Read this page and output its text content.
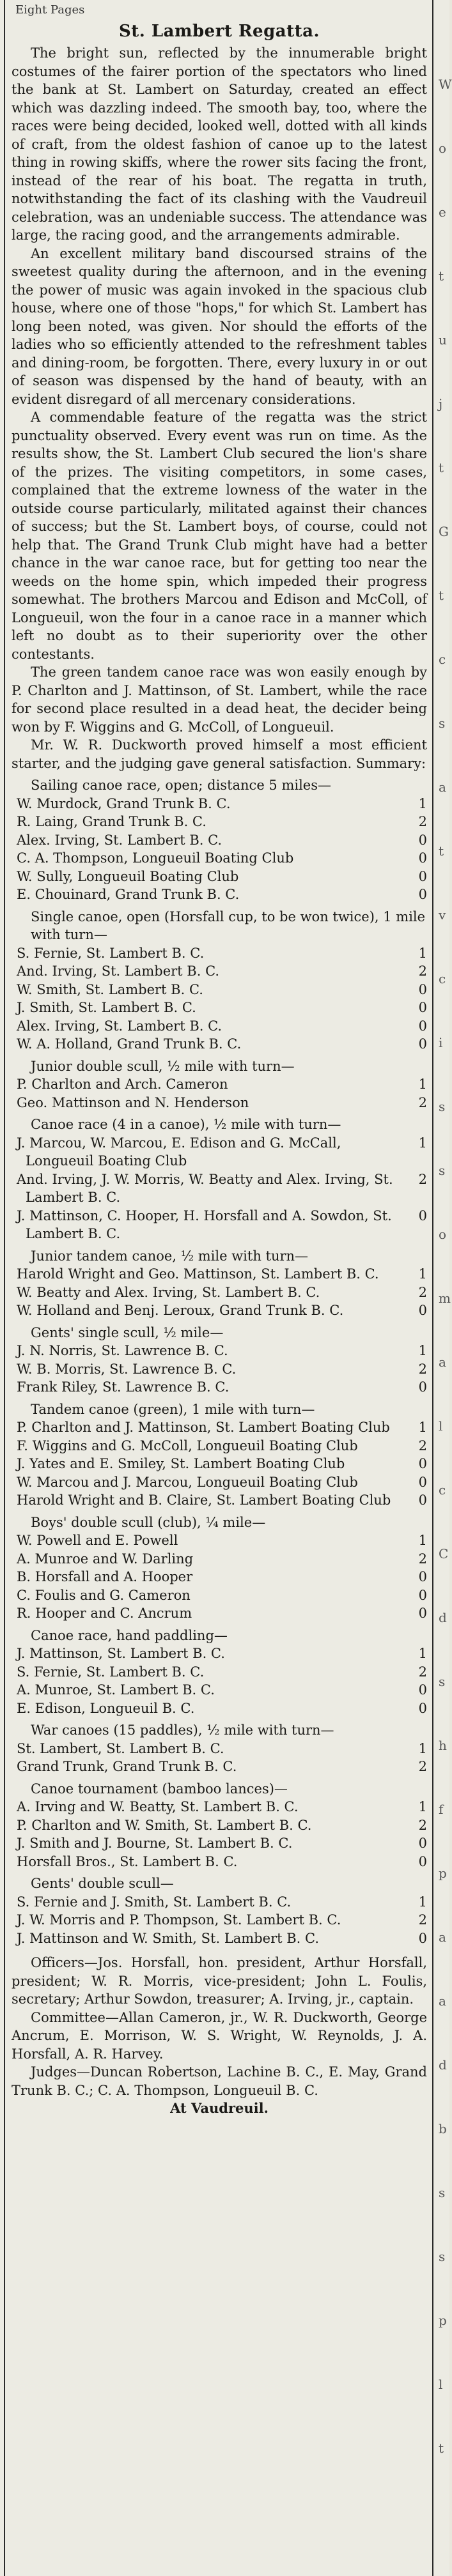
W
o
e
t
u
j
t
G
t
c
s
a
t
v
c
i
s
s
o
m
a
l
c
C
d
s
h
f
p
a
a
d
b
s
s
p
l
t
Eight Pages
St. Lambert Regatta.

The bright sun, reflected by the innumerable bright costumes of the fairer portion of the spectators who lined the bank at St. Lambert on Saturday, created an effect which was dazzling indeed. The smooth bay, too, where the races were being decided, looked well, dotted with all kinds of craft, from the oldest fashion of canoe up to the latest thing in rowing skiffs, where the rower sits facing the front, instead of the rear of his boat. The regatta in truth, notwithstanding the fact of its clashing with the Vaudreuil celebration, was an undeniable success. The attendance was large, the racing good, and the arrangements admirable.

An excellent military band discoursed strains of the sweetest quality during the afternoon, and in the evening the power of music was again invoked in the spacious club house, where one of those "hops," for which St. Lambert has long been noted, was given. Nor should the efforts of the ladies who so efficiently attended to the refreshment tables and dining-room, be forgotten. There, every luxury in or out of season was dispensed by the hand of beauty, with an evident disregard of all mercenary considerations.

A commendable feature of the regatta was the strict punctuality observed. Every event was run on time. As the results show, the St. Lambert Club secured the lion's share of the prizes. The visiting competitors, in some cases, complained that the extreme lowness of the water in the outside course particularly, militated against their chances of success; but the St. Lambert boys, of course, could not help that. The Grand Trunk Club might have had a better chance in the war canoe race, but for getting too near the weeds on the home spin, which impeded their progress somewhat. The brothers Marcou and Edison and McColl, of Longueuil, won the four in a canoe race in a manner which left no doubt as to their superiority over the other contestants.

The green tandem canoe race was won easily enough by P. Charlton and J. Mattinson, of St. Lambert, while the race for second place resulted in a dead heat, the decider being won by F. Wiggins and G. McColl, of Longueuil.

Mr. W. R. Duckworth proved himself a most efficient starter, and the judging gave general satisfaction. Summary:

Sailing canoe race, open; distance 5 miles—
W. Murdock, Grand Trunk B. C.	1
R. Laing, Grand Trunk B. C.	2
Alex. Irving, St. Lambert B. C.	0
C. A. Thompson, Longueuil Boating Club	0
W. Sully, Longueuil Boating Club	0
E. Chouinard, Grand Trunk B. C.	0
Single canoe, open (Horsfall cup, to be won twice), 1 mile with turn—
S. Fernie, St. Lambert B. C.	1
And. Irving, St. Lambert B. C.	2
W. Smith, St. Lambert B. C.	0
J. Smith, St. Lambert B. C.	0
Alex. Irving, St. Lambert B. C.	0
W. A. Holland, Grand Trunk B. C.	0
Junior double scull, ½ mile with turn—
P. Charlton and Arch. Cameron	1
Geo. Mattinson and N. Henderson	2
Canoe race (4 in a canoe), ½ mile with turn—
J. Marcou, W. Marcou, E. Edison and G. McCall, Longueuil Boating Club
1
And. Irving, J. W. Morris, W. Beatty and Alex. Irving, St. Lambert B. C.
2
J. Mattinson, C. Hooper, H. Horsfall and A. Sowdon, St. Lambert B. C.
0
Junior tandem canoe, ½ mile with turn—
Harold Wright and Geo. Mattinson, St. Lambert B. C.	1
W. Beatty and Alex. Irving, St. Lambert B. C.	2
W. Holland and Benj. Leroux, Grand Trunk B. C.	0
Gents' single scull, ½ mile—
J. N. Norris, St. Lawrence B. C.	1
W. B. Morris, St. Lawrence B. C.	2
Frank Riley, St. Lawrence B. C.	0
Tandem canoe (green), 1 mile with turn—
P. Charlton and J. Mattinson, St. Lambert Boating Club	1
F. Wiggins and G. McColl, Longueuil Boating Club	2
J. Yates and E. Smiley, St. Lambert Boating Club	0
W. Marcou and J. Marcou, Longueuil Boating Club	0
Harold Wright and B. Claire, St. Lambert Boating Club	0
Boys' double scull (club), ¼ mile—
W. Powell and E. Powell	1
A. Munroe and W. Darling	2
B. Horsfall and A. Hooper	0
C. Foulis and G. Cameron	0
R. Hooper and C. Ancrum	0
Canoe race, hand paddling—
J. Mattinson, St. Lambert B. C.	1
S. Fernie, St. Lambert B. C.	2
A. Munroe, St. Lambert B. C.	0
E. Edison, Longueuil B. C.	0
War canoes (15 paddles), ½ mile with turn—
St. Lambert, St. Lambert B. C.	1
Grand Trunk, Grand Trunk B. C.	2
Canoe tournament (bamboo lances)—
A. Irving and W. Beatty, St. Lambert B. C.	1
P. Charlton and W. Smith, St. Lambert B. C.	2
J. Smith and J. Bourne, St. Lambert B. C.	0
Horsfall Bros., St. Lambert B. C.	0
Gents' double scull—
S. Fernie and J. Smith, St. Lambert B. C.	1
J. W. Morris and P. Thompson, St. Lambert B. C.	2
J. Mattinson and W. Smith, St. Lambert B. C.	0

Officers—Jos. Horsfall, hon. president, Arthur Horsfall, president; W. R. Morris, vice-president; John L. Foulis, secretary; Arthur Sowdon, treasurer; A. Irving, jr., captain.

Committee—Allan Cameron, jr., W. R. Duckworth, George Ancrum, E. Morrison, W. S. Wright, W. Reynolds, J. A. Horsfall, A. R. Harvey.

Judges—Duncan Robertson, Lachine B. C., E. May, Grand Trunk B. C.; C. A. Thompson, Longueuil B. C.

At Vaudreuil.
